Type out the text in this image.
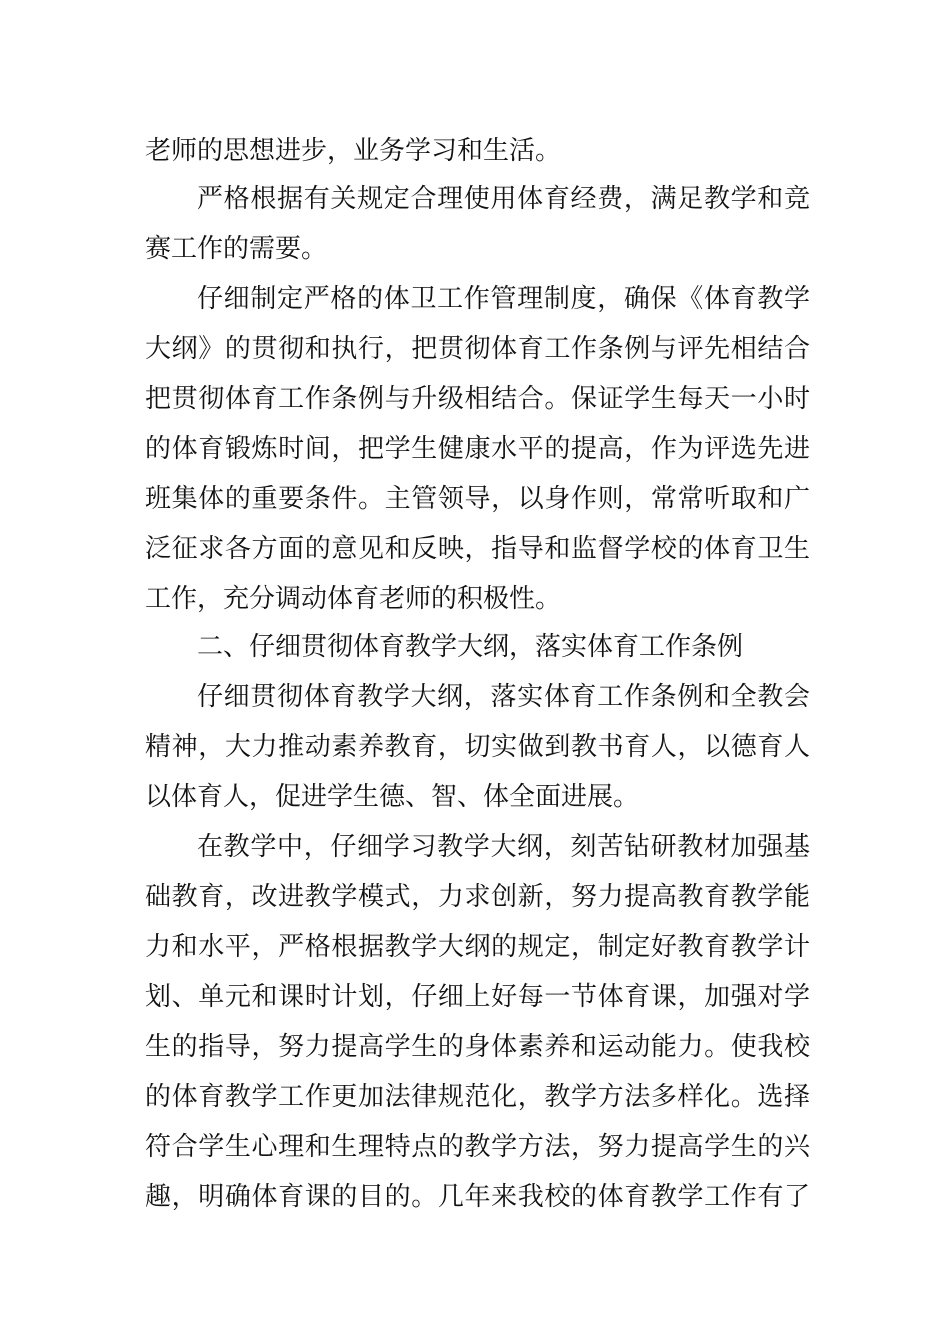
老师的思想进步，业务学习和生活。
严格根据有关规定合理使用体育经费，满足教学和竞
赛工作的需要。
仔细制定严格的体卫工作管理制度，确保《体育教学
大纲》的贯彻和执行，把贯彻体育工作条例与评先相结合
把贯彻体育工作条例与升级相结合。保证学生每天一小时
的体育锻炼时间，把学生健康水平的提高，作为评选先进
班集体的重要条件。主管领导，以身作则，常常听取和广
泛征求各方面的意见和反映，指导和监督学校的体育卫生
工作，充分调动体育老师的积极性。
二、仔细贯彻体育教学大纲，落实体育工作条例
仔细贯彻体育教学大纲，落实体育工作条例和全教会
精神，大力推动素养教育，切实做到教书育人，以德育人
以体育人，促进学生德、智、体全面进展。
在教学中，仔细学习教学大纲，刻苦钻研教材加强基
础教育，改进教学模式，力求创新，努力提高教育教学能
力和水平，严格根据教学大纲的规定，制定好教育教学计
划、单元和课时计划，仔细上好每一节体育课，加强对学
生的指导，努力提高学生的身体素养和运动能力。使我校
的体育教学工作更加法律规范化，教学方法多样化。选择
符合学生心理和生理特点的教学方法，努力提高学生的兴
趣，明确体育课的目的。几年来我校的体育教学工作有了
